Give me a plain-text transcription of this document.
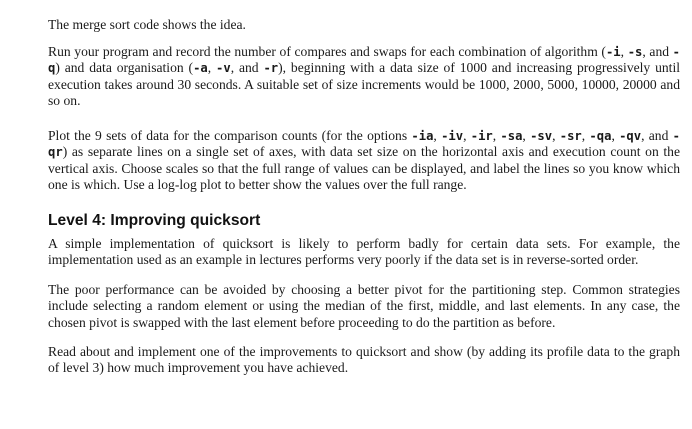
The merge sort code shows the idea.

Run your program and record the number of compares and swaps for each combination of algorithm (-i, -s, and -q) and data organisation (-a, -v, and -r), beginning with a data size of 1000 and increasing progressively until execution takes around 30 seconds. A suitable set of size increments would be 1000, 2000, 5000, 10000, 20000 and so on.

Plot the 9 sets of data for the comparison counts (for the options -ia, -iv, -ir, -sa, -sv, -sr, -qa, -qv, and -qr) as separate lines on a single set of axes, with data set size on the horizontal axis and execution count on the vertical axis. Choose scales so that the full range of values can be displayed, and label the lines so you know which one is which. Use a log-log plot to better show the values over the full range.

Level 4: Improving quicksort

A simple implementation of quicksort is likely to perform badly for certain data sets. For example, the implementation used as an example in lectures performs very poorly if the data set is in reverse-sorted order.

The poor performance can be avoided by choosing a better pivot for the partitioning step. Common strategies include selecting a random element or using the median of the first, middle, and last elements. In any case, the chosen pivot is swapped with the last element before proceeding to do the partition as before.

Read about and implement one of the improvements to quicksort and show (by adding its profile data to the graph of level 3) how much improvement you have achieved.
